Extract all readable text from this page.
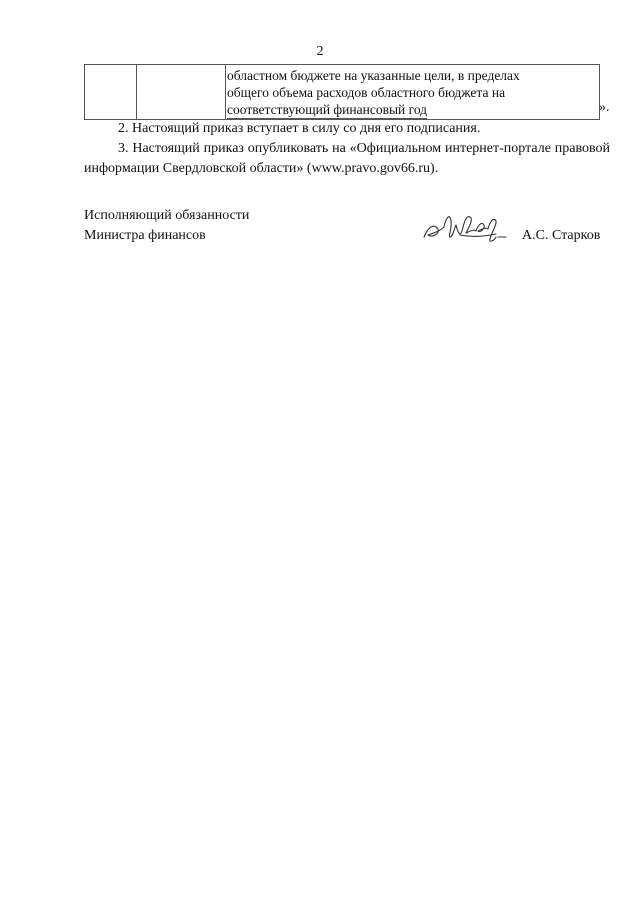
2
областном бюджете на указанные цели, в пределах
общего объема расходов областного бюджета на
соответствующий финансовый год	».
2. Настоящий приказ вступает в силу со дня его подписания.
3. Настоящий приказ опубликовать на «Официальном интернет-портале правовой информации Свердловской области» (www.pravo.gov66.ru).
Исполняющий обязанности
Министра финансов	А.С. Старков
